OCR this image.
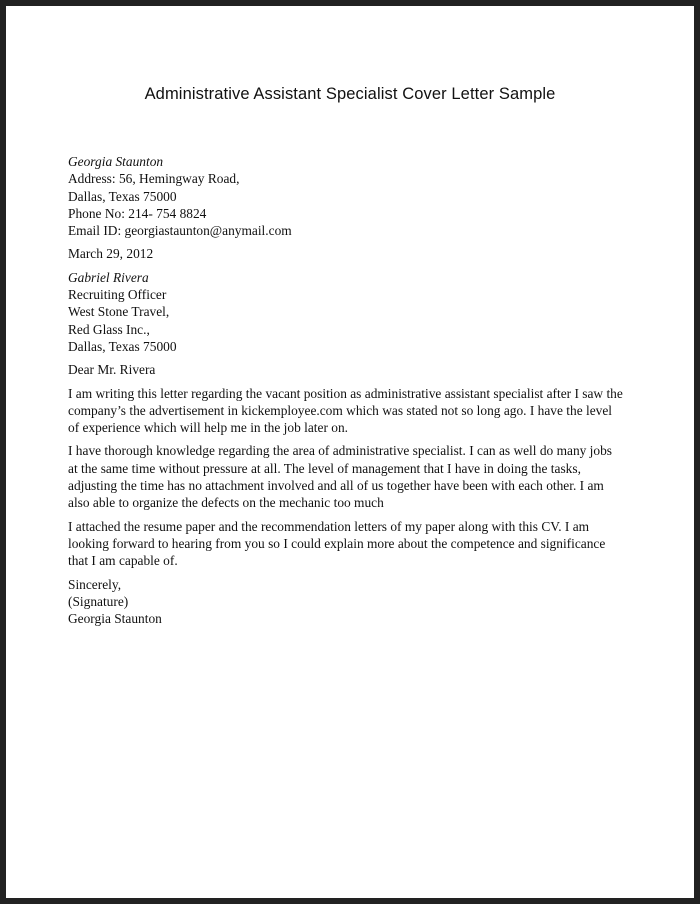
Administrative Assistant Specialist Cover Letter Sample
Georgia Staunton
Address: 56, Hemingway Road,
Dallas, Texas 75000
Phone No: 214- 754 8824
Email ID: georgiastaunton@anymail.com
March 29, 2012
Gabriel Rivera
Recruiting Officer
West Stone Travel,
Red Glass Inc.,
Dallas, Texas 75000
Dear Mr. Rivera
I am writing this letter regarding the vacant position as administrative assistant specialist after I saw the
company’s the advertisement in kickemployee.com which was stated not so long ago. I have the level
of experience which will help me in the job later on.
I have thorough knowledge regarding the area of administrative specialist. I can as well do many jobs
at the same time without pressure at all. The level of management that I have in doing the tasks,
adjusting the time has no attachment involved and all of us together have been with each other. I am
also able to organize the defects on the mechanic too much
I attached the resume paper and the recommendation letters of my paper along with this CV. I am
looking forward to hearing from you so I could explain more about the competence and significance
that I am capable of.
Sincerely,
(Signature)
Georgia Staunton
